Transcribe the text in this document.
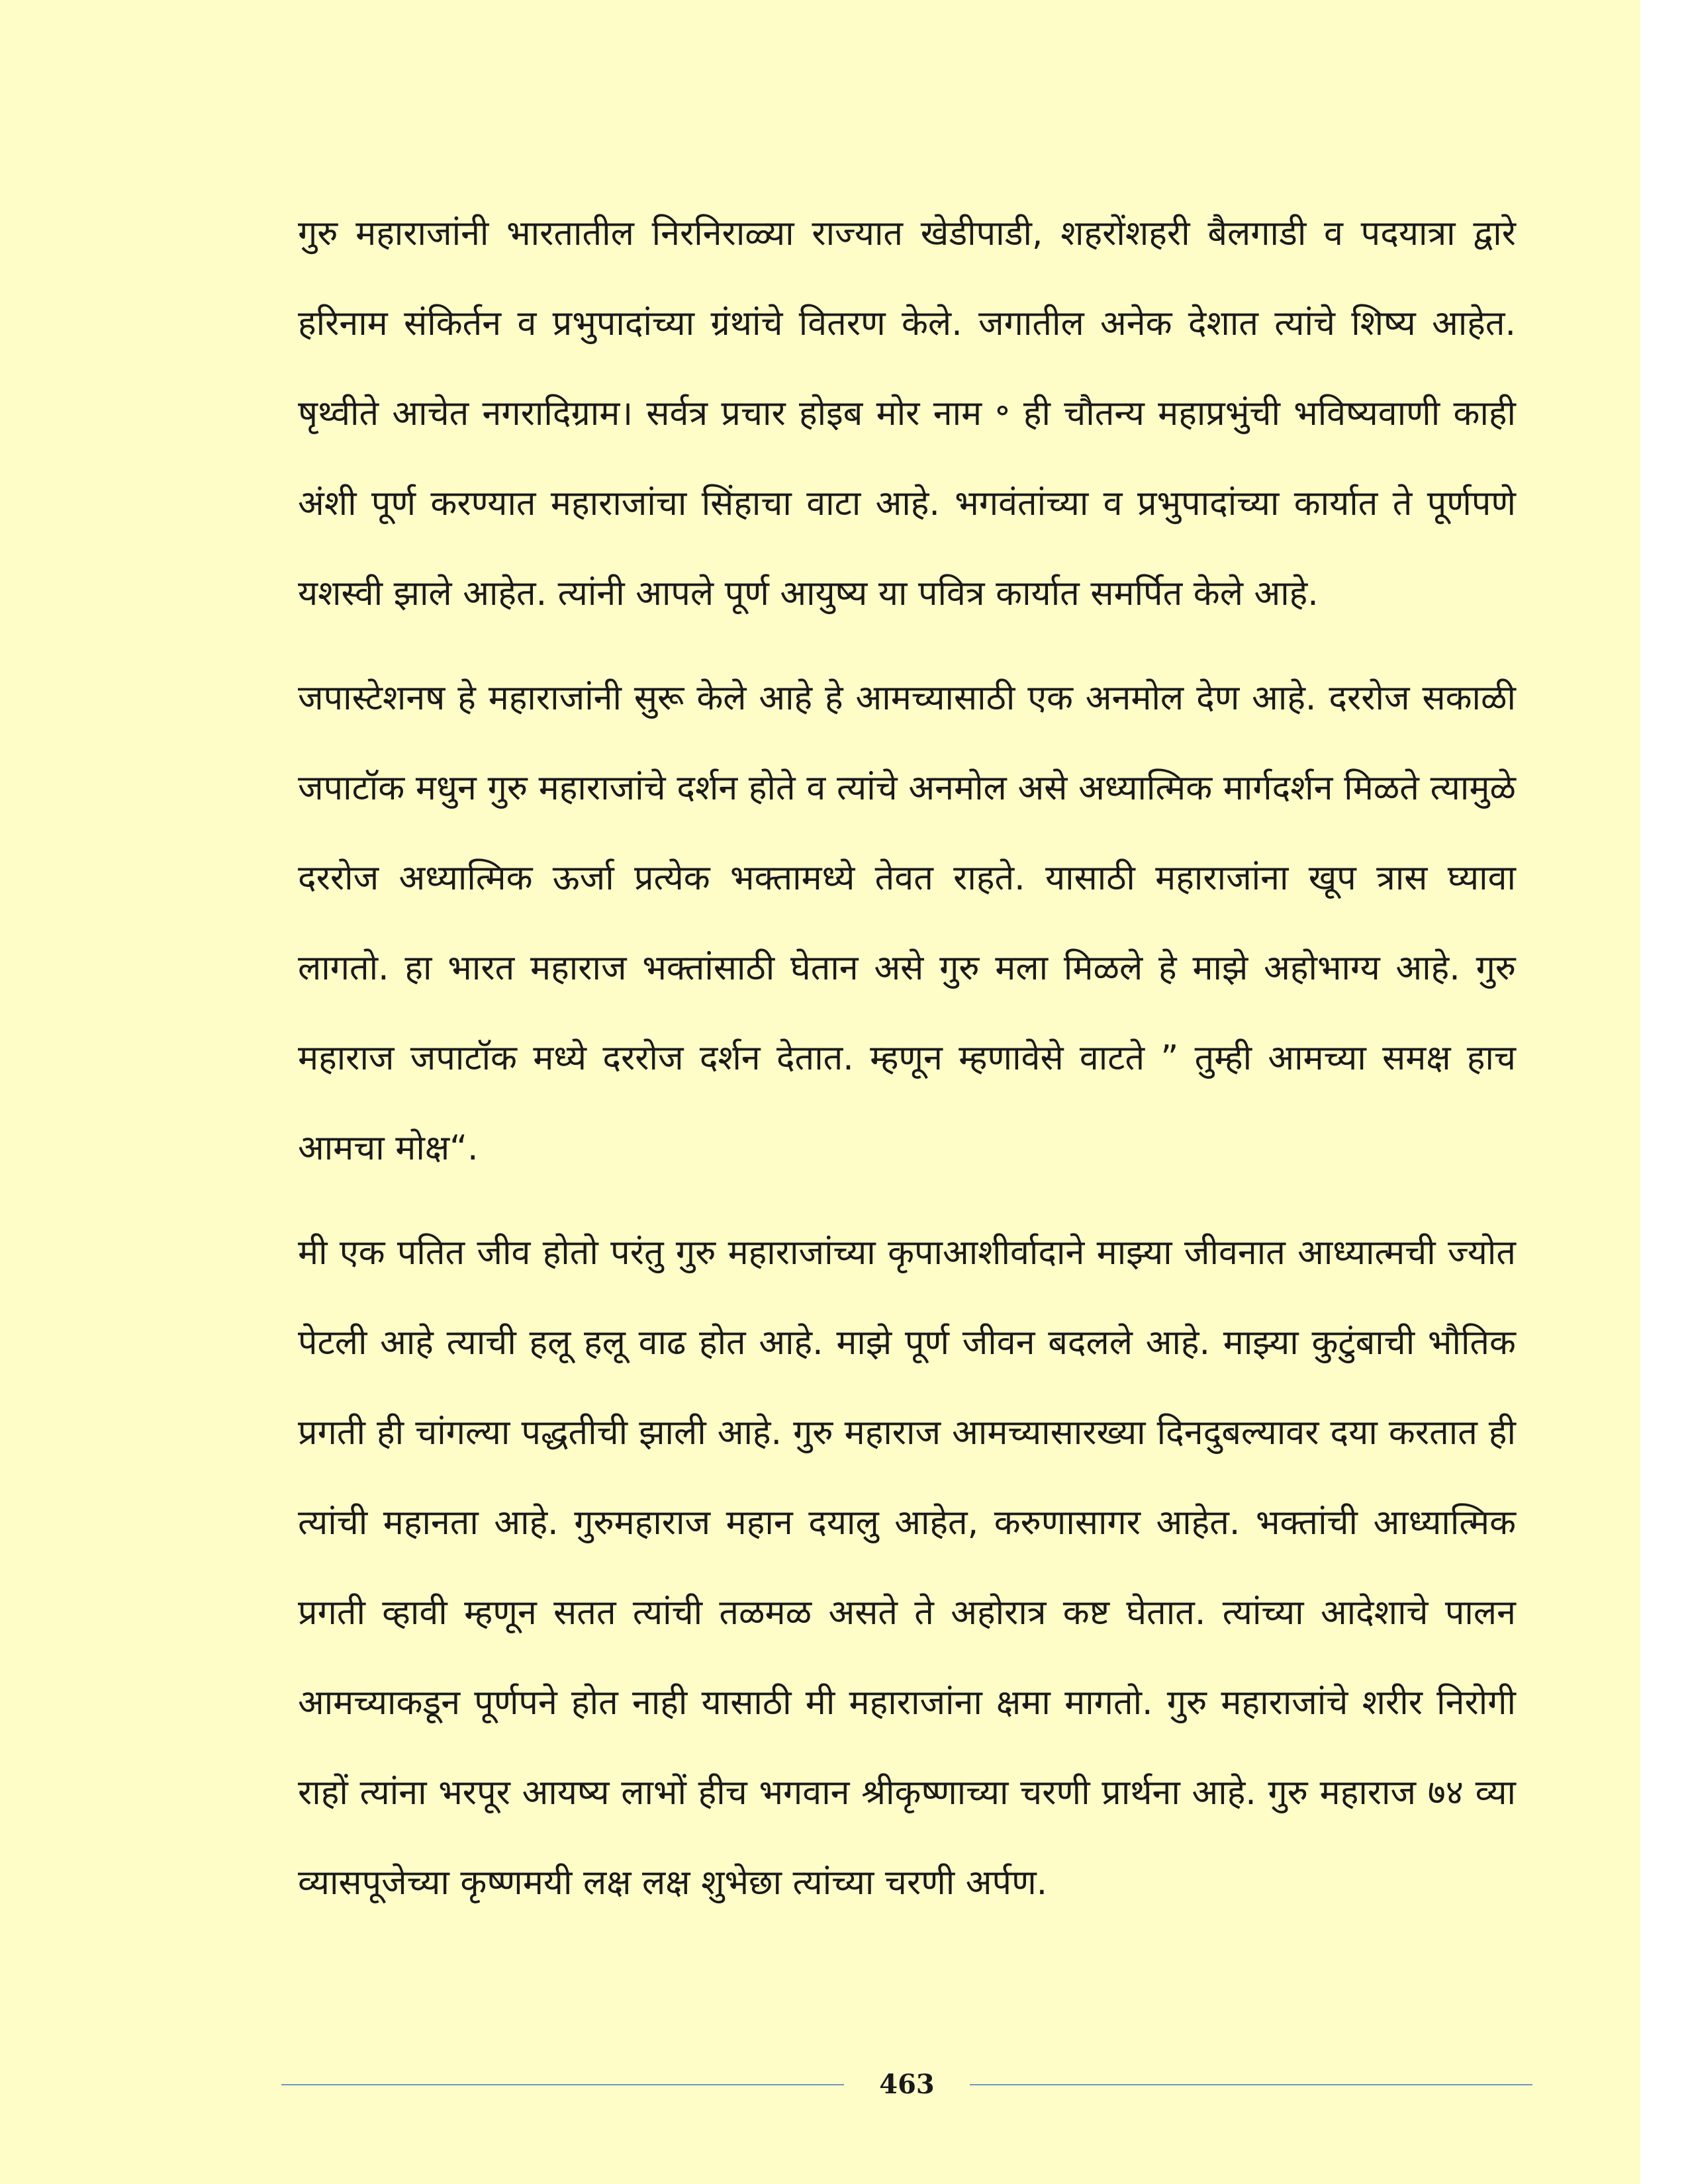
गुरु महाराजांनी भारतातील निरनिराळ्या राज्यात खेडीपाडी, शहरोंशहरी बैलगाडी व पदयात्रा द्वारे हरिनाम संकिर्तन व प्रभुपादांच्या ग्रंथांचे वितरण केले. जगातील अनेक देशात त्यांचे शिष्य आहेत. षृथ्वीते आचेत नगरादिग्राम। सर्वत्र प्रचार होइब मोर नाम ॰ ही चौतन्य महाप्रभुंची भविष्यवाणी काही अंशी पूर्ण करण्यात महाराजांचा सिंहाचा वाटा आहे. भगवंतांच्या व प्रभुपादांच्या कार्यात ते पूर्णपणे यशस्वी झाले आहेत. त्यांनी आपले पूर्ण आयुष्य या पवित्र कार्यात समर्पित केले आहे.

जपास्टेशनष हे महाराजांनी सुरू केले आहे हे आमच्यासाठी एक अनमोल देण आहे. दररोज सकाळी जपाटॉक मधुन गुरु महाराजांचे दर्शन होते व त्यांचे अनमोल असे अध्यात्मिक मार्गदर्शन मिळते त्यामुळे दररोज अध्यात्मिक ऊर्जा प्रत्येक भक्तामध्ये तेवत राहते. यासाठी महाराजांना खूप त्रास घ्यावा लागतो. हा भारत महाराज भक्तांसाठी घेतान असे गुरु मला मिळले हे माझे अहोभाग्य आहे. गुरु महाराज जपाटॉक मध्ये दररोज दर्शन देतात. म्हणून म्हणावेसे वाटते ” तुम्ही आमच्या समक्ष हाच आमचा मोक्ष“.

मी एक पतित जीव होतो परंतु गुरु महाराजांच्या कृपाआशीर्वादाने माझ्या जीवनात आध्यात्मची ज्योत पेटली आहे त्याची हलू हलू वाढ होत आहे. माझे पूर्ण जीवन बदलले आहे. माझ्या कुटुंबाची भौतिक प्रगती ही चांगल्या पद्धतीची झाली आहे. गुरु महाराज आमच्यासारख्या दिनदुबल्यावर दया करतात ही त्यांची महानता आहे. गुरुमहाराज महान दयालु आहेत, करुणासागर आहेत. भक्तांची आध्यात्मिक प्रगती व्हावी म्हणून सतत त्यांची तळमळ असते ते अहोरात्र कष्ट घेतात. त्यांच्या आदेशाचे पालन आमच्याकडून पूर्णपने होत नाही यासाठी मी महाराजांना क्षमा मागतो. गुरु महाराजांचे शरीर निरोगी राहों त्यांना भरपूर आयष्य लाभों हीच भगवान श्रीकृष्णाच्या चरणी प्रार्थना आहे. गुरु महाराज ७४ व्या व्यासपूजेच्या कृष्णमयी लक्ष लक्ष शुभेछा त्यांच्या चरणी अर्पण.

463
